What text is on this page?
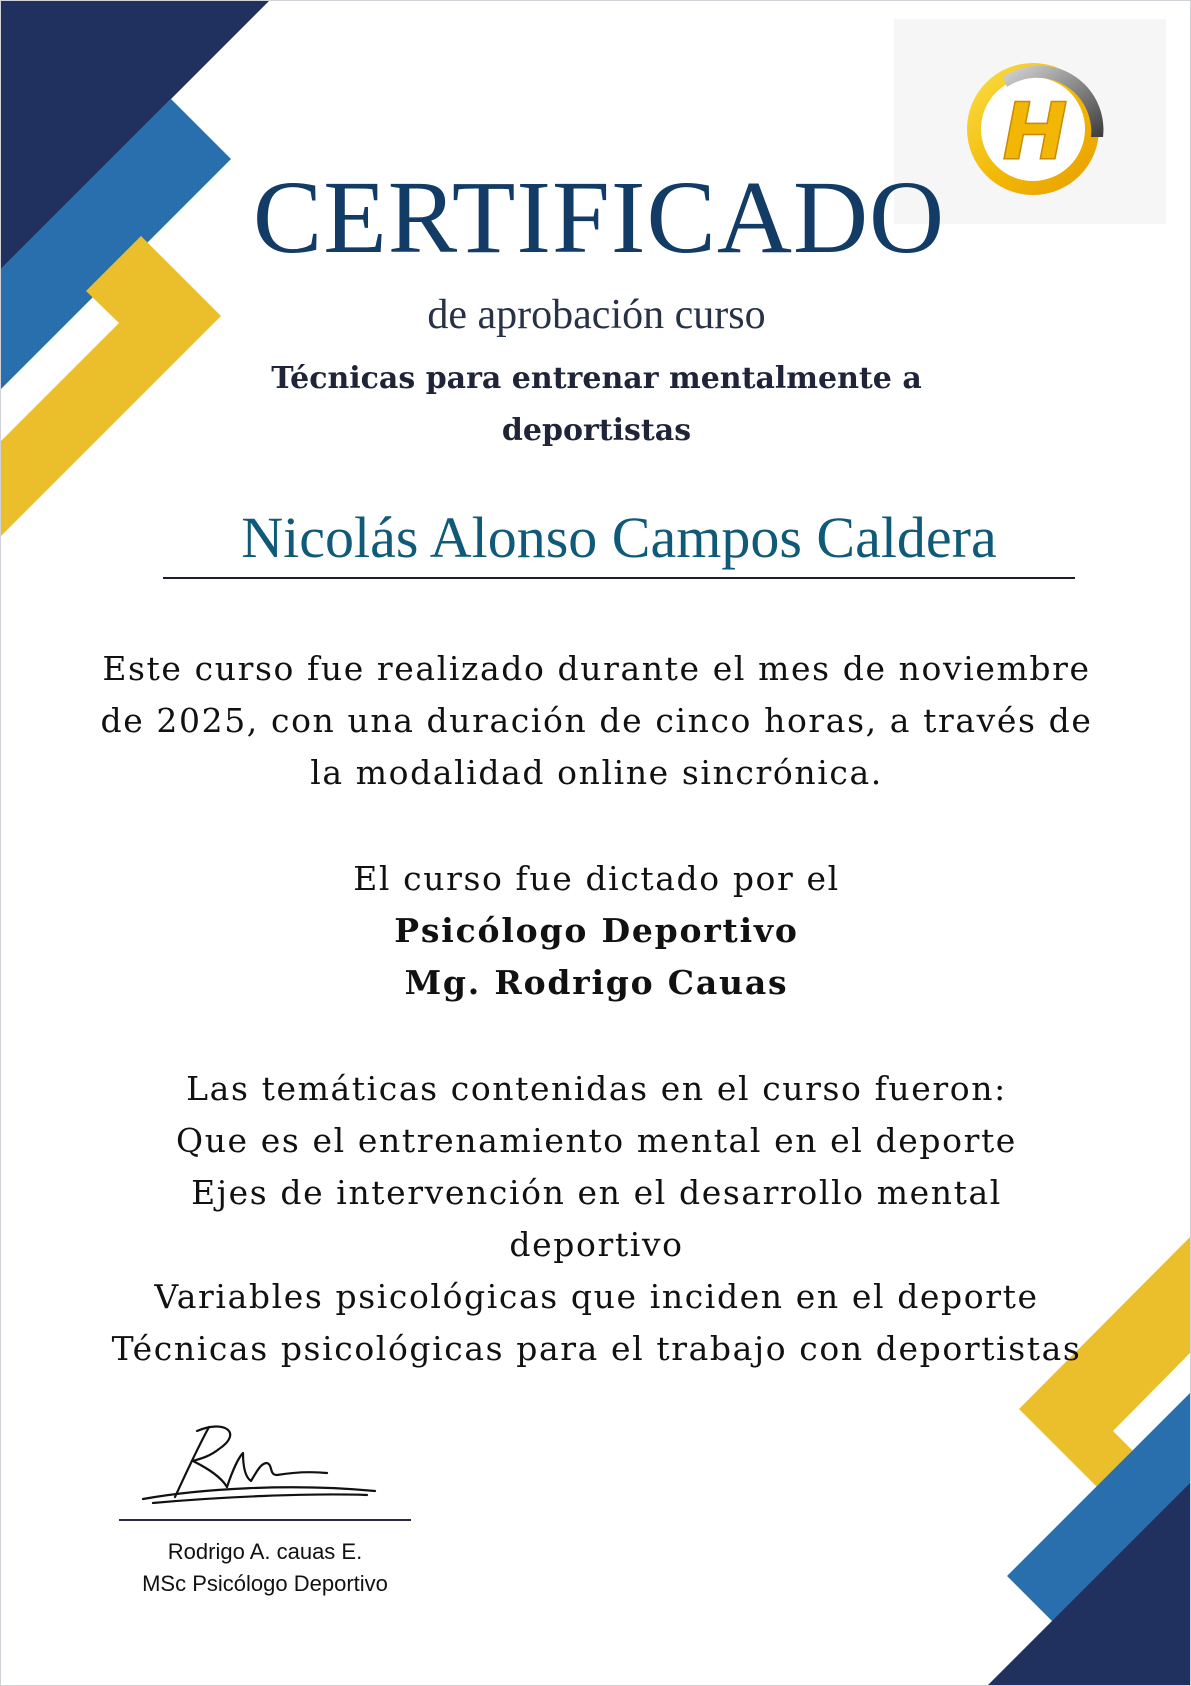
H
CERTIFICADO
de aprobación curso
Técnicas para entrenar mentalmente a
deportistas
Nicolás Alonso Campos Caldera
Este curso fue realizado durante el mes de noviembre
de 2025, con una duración de cinco horas, a través de
la modalidad online sincrónica.
El curso fue dictado por el
Psicólogo Deportivo
Mg. Rodrigo Cauas
Las temáticas contenidas en el curso fueron:
Que es el entrenamiento mental en el deporte
Ejes de intervención en el desarrollo mental
deportivo
Variables psicológicas que inciden en el deporte
Técnicas psicológicas para el trabajo con deportistas
Rodrigo A. cauas E.
MSc Psicólogo Deportivo
